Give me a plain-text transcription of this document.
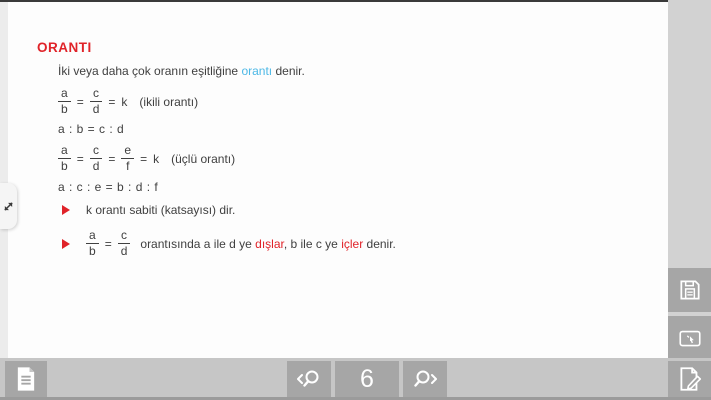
ORANTI
İki veya daha çok oranın eşitliğine orantı denir.
$\frac{a}{b} = \frac{c}{d} = k$ (ikili orantı)
a : b = c : d
$\frac{a}{b} = \frac{c}{d} = \frac{e}{f} = k$ (üçlü orantı)
a : c : e = b : d : f
k orantı sabiti (katsayısı) dir.
$\frac{a}{b} = \frac{c}{d}$ orantısında a ile d ye dışlar, b ile c ye içler denir.
6
